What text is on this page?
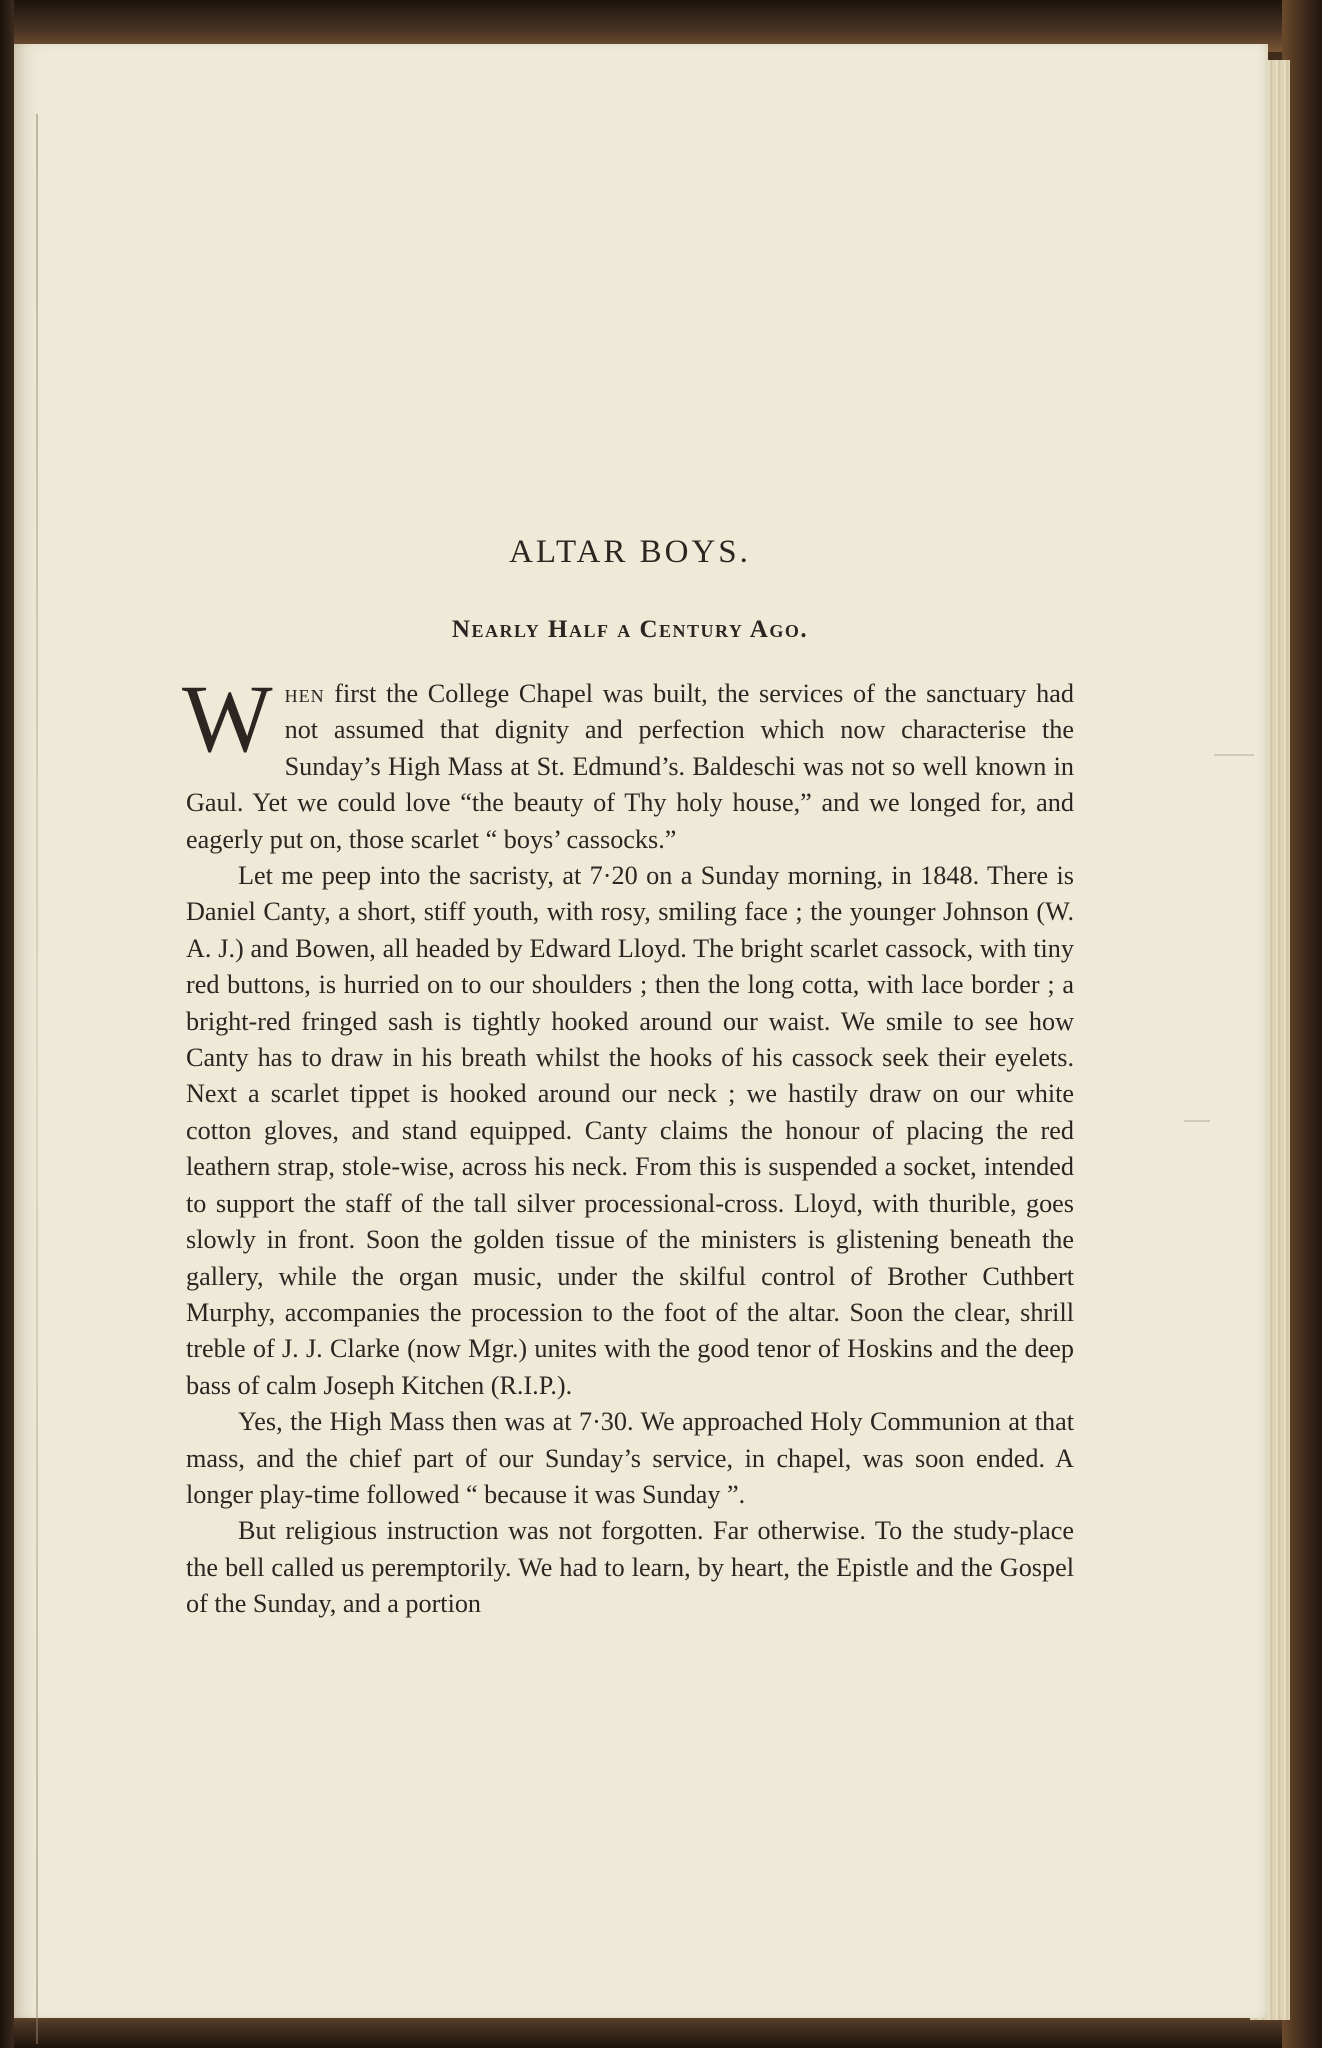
ALTAR BOYS.
Nearly Half a Century Ago.

When first the College Chapel was built, the services of the sanctuary had not assumed that dignity and perfection which now characterise the Sunday’s High Mass at St. Edmund’s. Baldeschi was not so well known in Gaul. Yet we could love “the beauty of Thy holy house,” and we longed for, and eagerly put on, those scarlet “ boys’ cassocks.”

Let me peep into the sacristy, at 7·20 on a Sunday morning, in 1848. There is Daniel Canty, a short, stiff youth, with rosy, smiling face ; the younger Johnson (W. A. J.) and Bowen, all headed by Edward Lloyd. The bright scarlet cassock, with tiny red buttons, is hurried on to our shoulders ; then the long cotta, with lace border ; a bright-red fringed sash is tightly hooked around our waist. We smile to see how Canty has to draw in his breath whilst the hooks of his cassock seek their eyelets. Next a scarlet tippet is hooked around our neck ; we hastily draw on our white cotton gloves, and stand equipped. Canty claims the honour of placing the red leathern strap, stole-wise, across his neck. From this is suspended a socket, intended to support the staff of the tall silver processional-cross. Lloyd, with thurible, goes slowly in front. Soon the golden tissue of the ministers is glistening beneath the gallery, while the organ music, under the skilful control of Brother Cuthbert Murphy, accompanies the procession to the foot of the altar. Soon the clear, shrill treble of J. J. Clarke (now Mgr.) unites with the good tenor of Hoskins and the deep bass of calm Joseph Kitchen (R.I.P.).

Yes, the High Mass then was at 7·30. We approached Holy Communion at that mass, and the chief part of our Sunday’s service, in chapel, was soon ended. A longer play-time followed “ because it was Sunday ”.

But religious instruction was not forgotten. Far otherwise. To the study-place the bell called us peremptorily. We had to learn, by heart, the Epistle and the Gospel of the Sunday, and a portion
